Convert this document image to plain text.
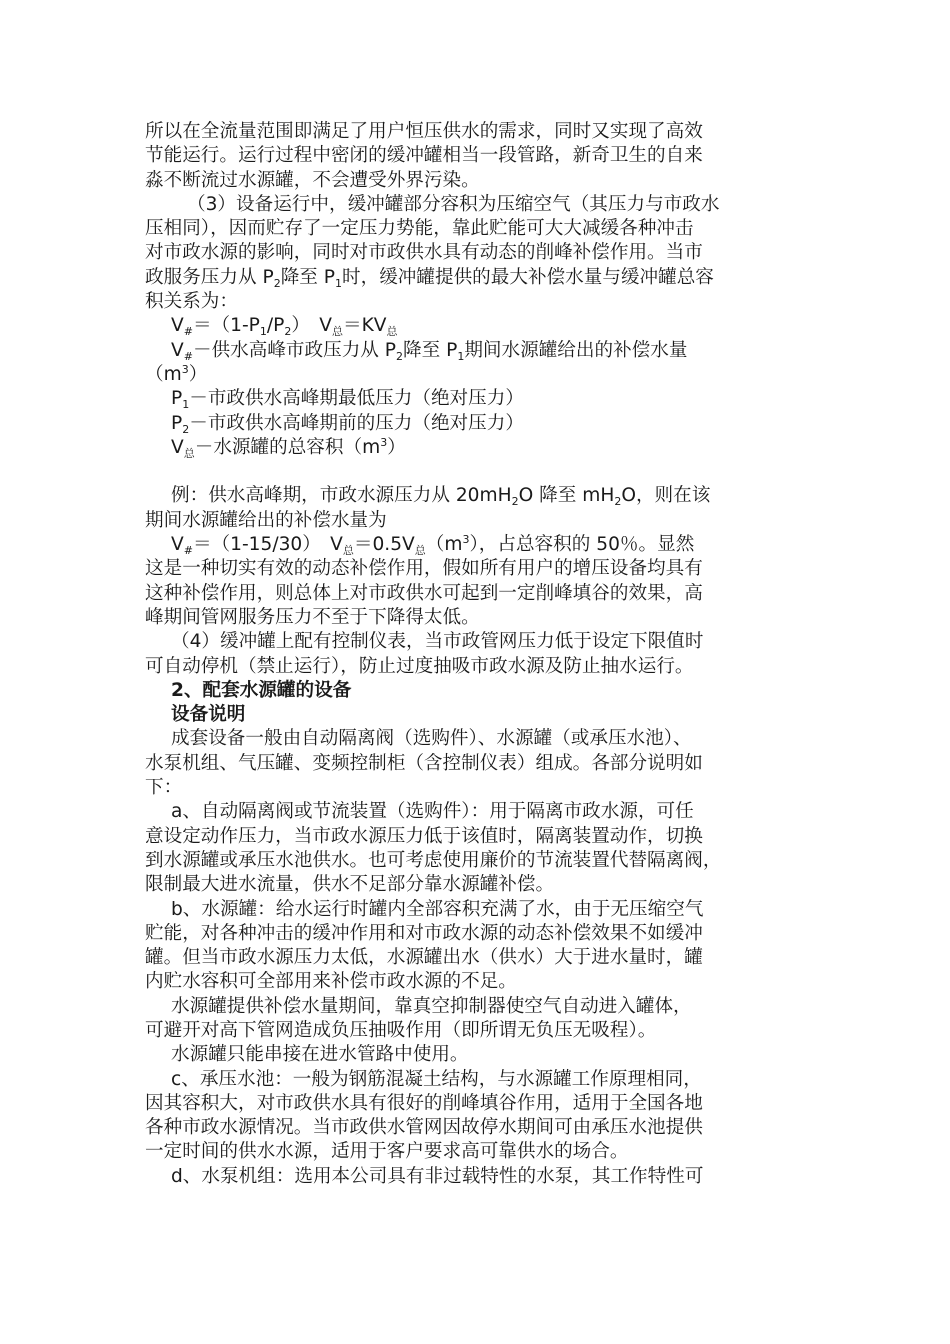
所以在全流量范围即满足了用户恒压供水的需求，同时又实现了高效
节能运行。运行过程中密闭的缓冲罐相当一段管路，新奇卫生的自来
淼不断流过水源罐，不会遭受外界污染。
（3）设备运行中，缓冲罐部分容积为压缩空气（其压力与市政水
压相同），因而贮存了一定压力势能，靠此贮能可大大减缓各种冲击
对市政水源的影响，同时对市政供水具有动态的削峰补偿作用。当市
政服务压力从 $P_2$降至 $P_1$时，缓冲罐提供的最大补偿水量与缓冲罐总容
积关系为：
$V_{\#}=(1-P_1/P_2)$　$V_总=KV_总$
$V_{\#}-$供水高峰市政压力从 $P_2$降至 $P_1$期间水源罐给出的补偿水量
$(m^3)$
$P_1-$市政供水高峰期最低压力（绝对压力）
$P_2-$市政供水高峰期前的压力（绝对压力）
$V_总-$水源罐的总容积$(m^3)$
例：供水高峰期，市政水源压力从 $20mH_2O$ 降至 $mH_2O$，则在该
期间水源罐给出的补偿水量为
$V_{\#}=(1-15/30)$　$V_总=0.5V_总(m^3)$，占总容积的 50％。显然
这是一种切实有效的动态补偿作用，假如所有用户的增压设备均具有
这种补偿作用，则总体上对市政供水可起到一定削峰填谷的效果，高
峰期间管网服务压力不至于下降得太低。
（4）缓冲罐上配有控制仪表，当市政管网压力低于设定下限值时
可自动停机（禁止运行），防止过度抽吸市政水源及防止抽水运行。
2、配套水源罐的设备
设备说明
成套设备一般由自动隔离阀（选购件）、水源罐（或承压水池）、
水泵机组、气压罐、变频控制柜（含控制仪表）组成。各部分说明如
下：
a、自动隔离阀或节流装置（选购件）：用于隔离市政水源，可任
意设定动作压力，当市政水源压力低于该值时，隔离装置动作，切换
到水源罐或承压水池供水。也可考虑使用廉价的节流装置代替隔离阀，
限制最大进水流量，供水不足部分靠水源罐补偿。
b、水源罐：给水运行时罐内全部容积充满了水，由于无压缩空气
贮能，对各种冲击的缓冲作用和对市政水源的动态补偿效果不如缓冲
罐。但当市政水源压力太低，水源罐出水（供水）大于进水量时，罐
内贮水容积可全部用来补偿市政水源的不足。
水源罐提供补偿水量期间，靠真空抑制器使空气自动进入罐体，
可避开对高下管网造成负压抽吸作用（即所谓无负压无吸程）。
水源罐只能串接在进水管路中使用。
c、承压水池：一般为钢筋混凝土结构，与水源罐工作原理相同，
因其容积大，对市政供水具有很好的削峰填谷作用，适用于全国各地
各种市政水源情况。当市政供水管网因故停水期间可由承压水池提供
一定时间的供水水源，适用于客户要求高可靠供水的场合。
d、水泵机组：选用本公司具有非过载特性的水泵，其工作特性可
